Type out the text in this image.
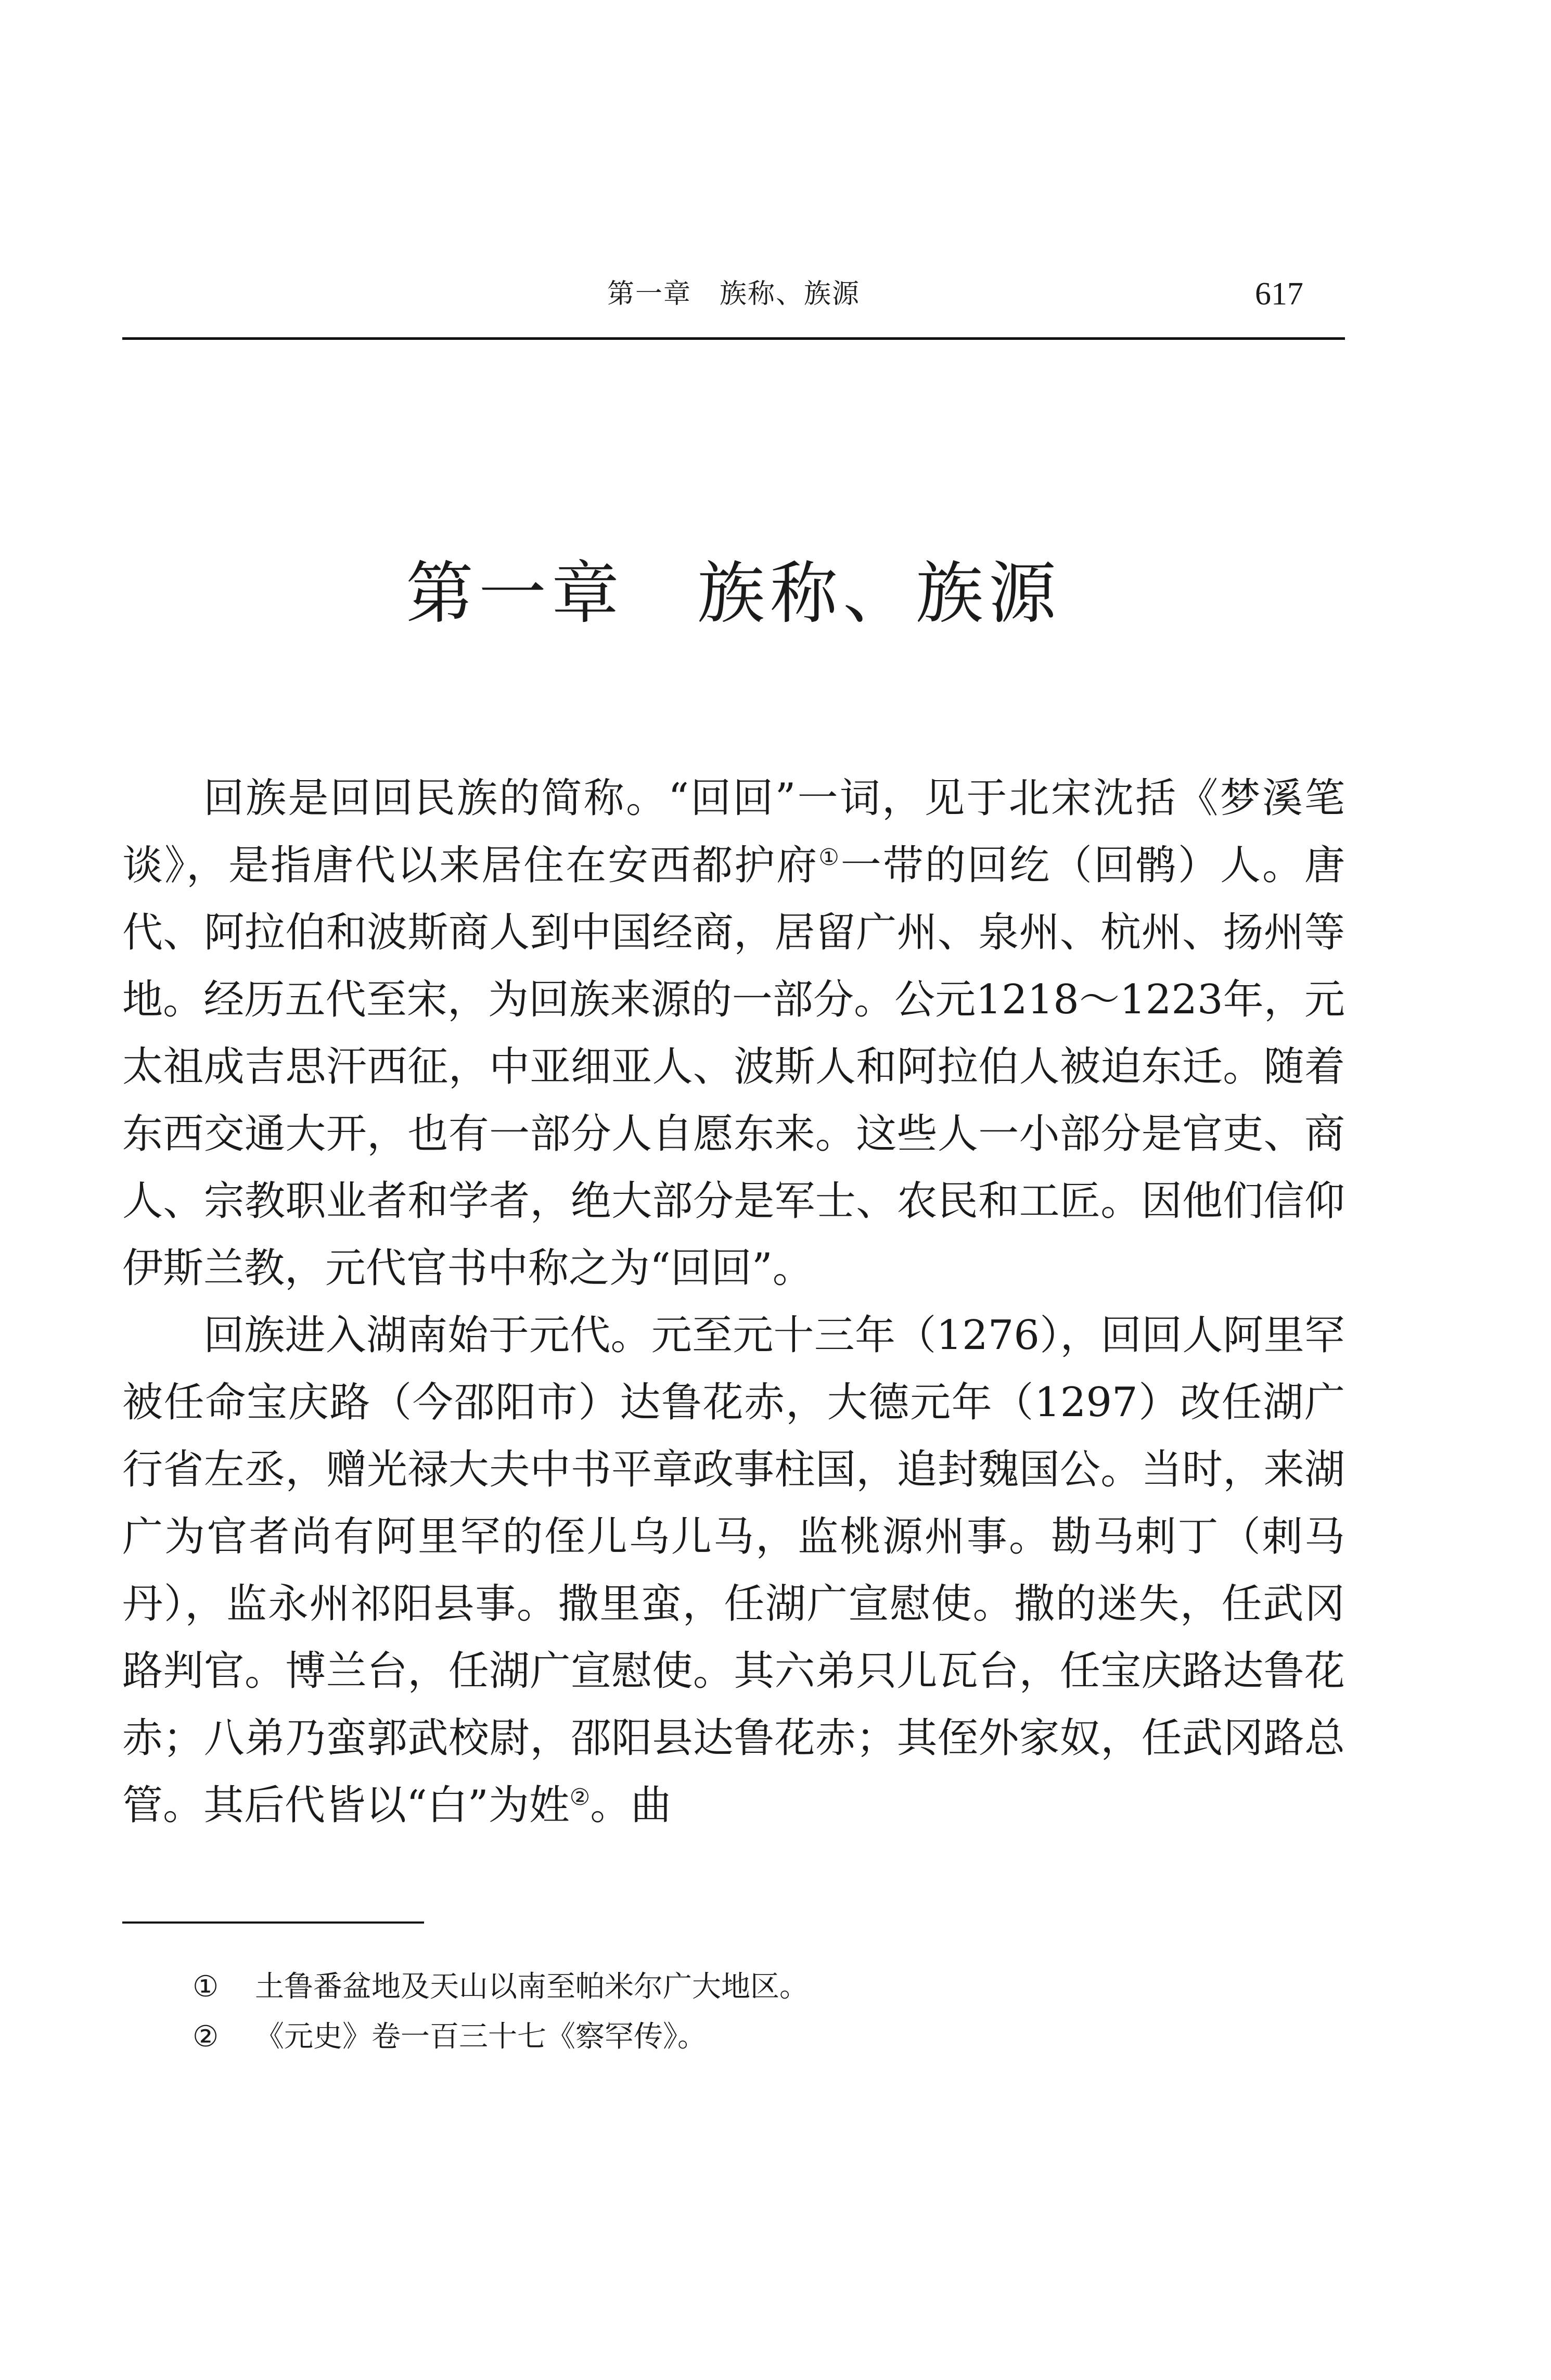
第一章　族称、族源	617
第一章　族称、族源

回族是回回民族的简称。“回回”一词，见于北宋沈括《梦溪笔谈》，是指唐代以来居住在安西都护府①一带的回纥（回鹘）人。唐代、阿拉伯和波斯商人到中国经商，居留广州、泉州、杭州、扬州等地。经历五代至宋，为回族来源的一部分。公元1218～1223年，元太祖成吉思汗西征，中亚细亚人、波斯人和阿拉伯人被迫东迁。随着东西交通大开，也有一部分人自愿东来。这些人一小部分是官吏、商人、宗教职业者和学者，绝大部分是军士、农民和工匠。因他们信仰伊斯兰教，元代官书中称之为“回回”。

回族进入湖南始于元代。元至元十三年（1276），回回人阿里罕被任命宝庆路（今邵阳市）达鲁花赤，大德元年（1297）改任湖广行省左丞，赠光禄大夫中书平章政事柱国，追封魏国公。当时，来湖广为官者尚有阿里罕的侄儿乌儿马，监桃源州事。勘马剌丁（剌马丹），监永州祁阳县事。撒里蛮，任湖广宣慰使。撒的迷失，任武冈路判官。博兰台，任湖广宣慰使。其六弟只儿瓦台，任宝庆路达鲁花赤；八弟乃蛮郭武校尉，邵阳县达鲁花赤；其侄外家奴，任武冈路总管。其后代皆以“白”为姓②。曲

①	土鲁番盆地及天山以南至帕米尔广大地区。
②	《元史》卷一百三十七《察罕传》。
